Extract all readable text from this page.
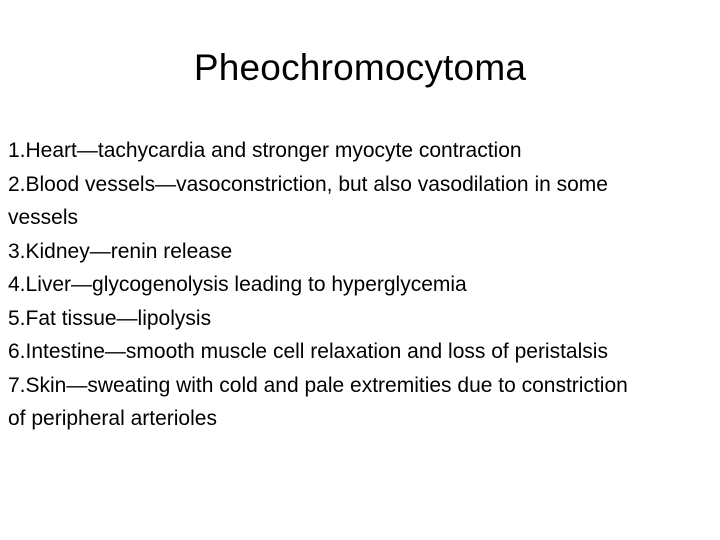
Pheochromocytoma
1.Heart—tachycardia and stronger myocyte contraction
2.Blood vessels—vasoconstriction, but also vasodilation in some vessels
3.Kidney—renin release
4.Liver—glycogenolysis leading to hyperglycemia
5.Fat tissue—lipolysis
6.Intestine—smooth muscle cell relaxation and loss of peristalsis
7.Skin—sweating with cold and pale extremities due to constriction of peripheral arterioles
